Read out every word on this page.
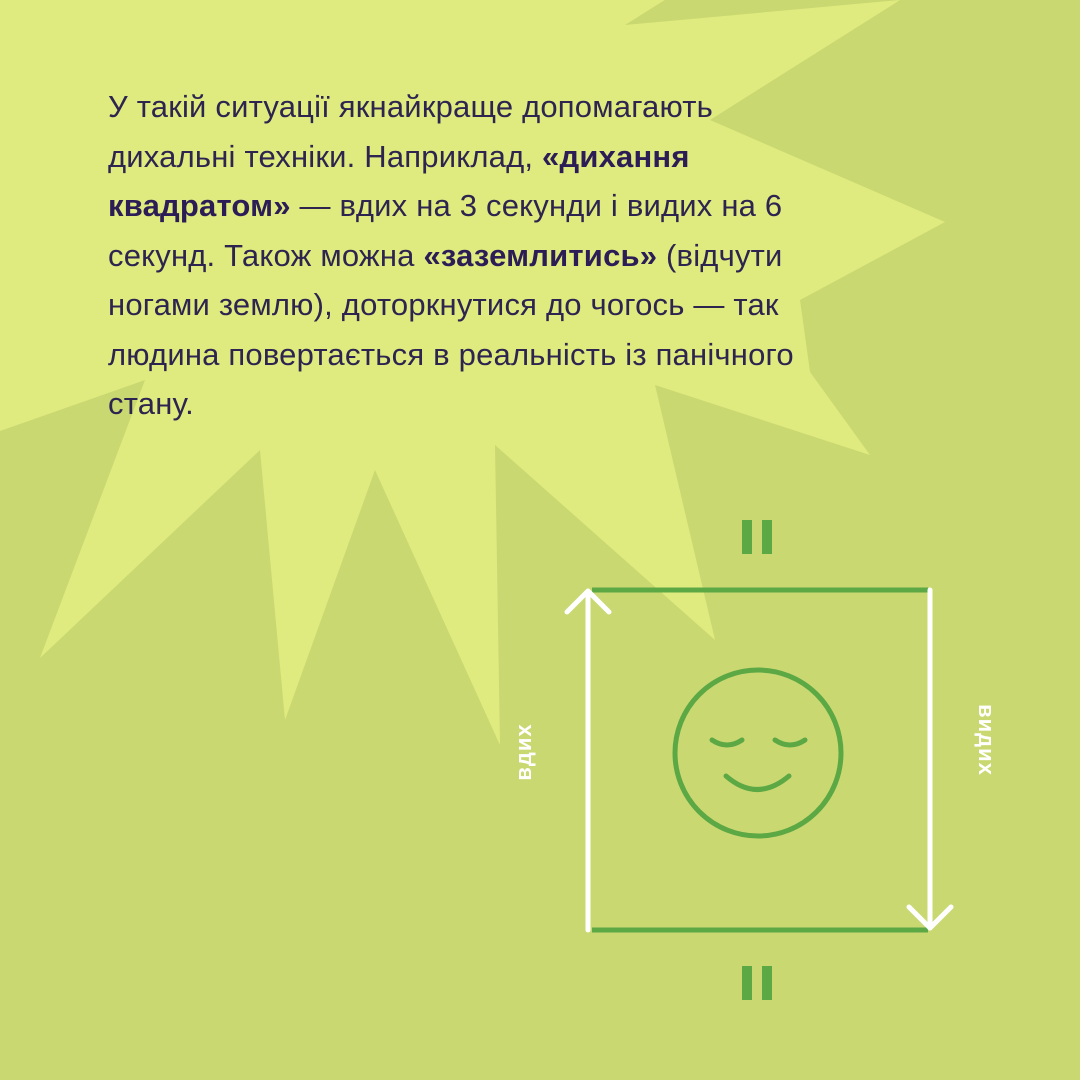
У такій ситуації якнайкраще допомагають дихальні техніки. Наприклад, «дихання квадратом» — вдих на 3 секунди і видих на 6 секунд. Також можна «заземлитись» (відчути ногами землю), доторкнутися до чогось — так людина повертається в реальність із панічного стану.
вдих	видих
